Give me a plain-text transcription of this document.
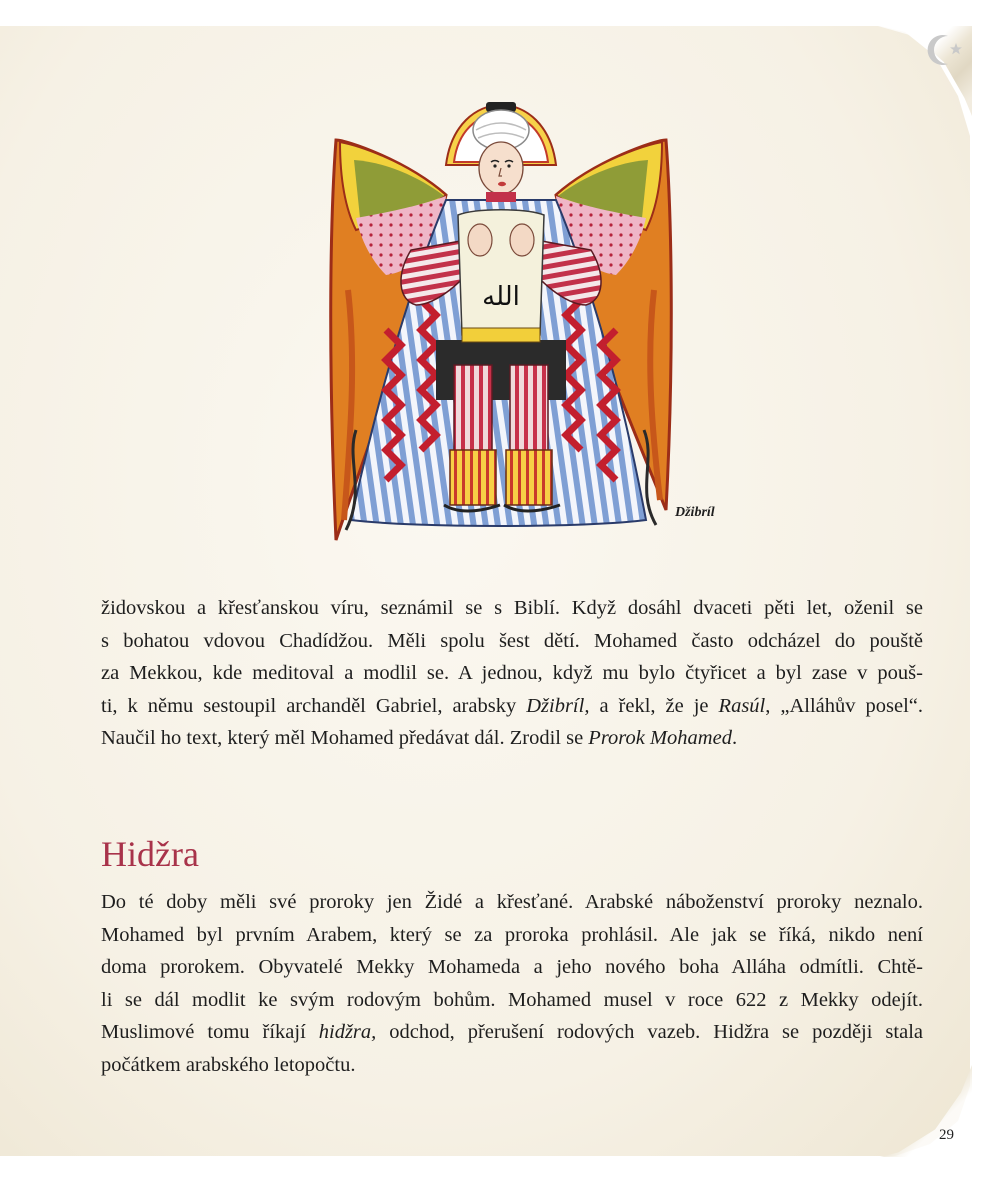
الله
Džibríl
židovskou a křesťanskou víru, seznámil se s Biblí. Když dosáhl dvaceti pěti let, oženil se
s bohatou vdovou Chadídžou. Měli spolu šest dětí. Mohamed často odcházel do pouště
za Mekkou, kde meditoval a modlil se. A jednou, když mu bylo čtyřicet a byl zase v pouš-
ti, k němu sestoupil archanděl Gabriel, arabsky Džibríl, a řekl, že je Rasúl, „Alláhův posel“.
Naučil ho text, který měl Mohamed předávat dál. Zrodil se Prorok Mohamed.
Hidžra
Do té doby měli své proroky jen Židé a křesťané. Arabské náboženství proroky neznalo.
Mohamed byl prvním Arabem, který se za proroka prohlásil. Ale jak se říká, nikdo není
doma prorokem. Obyvatelé Mekky Mohameda a jeho nového boha Alláha odmítli. Chtě-
li se dál modlit ke svým rodovým bohům. Mohamed musel v roce 622 z Mekky odejít.
Muslimové tomu říkají hidžra, odchod, přerušení rodových vazeb. Hidžra se později stala
počátkem arabského letopočtu.
29
